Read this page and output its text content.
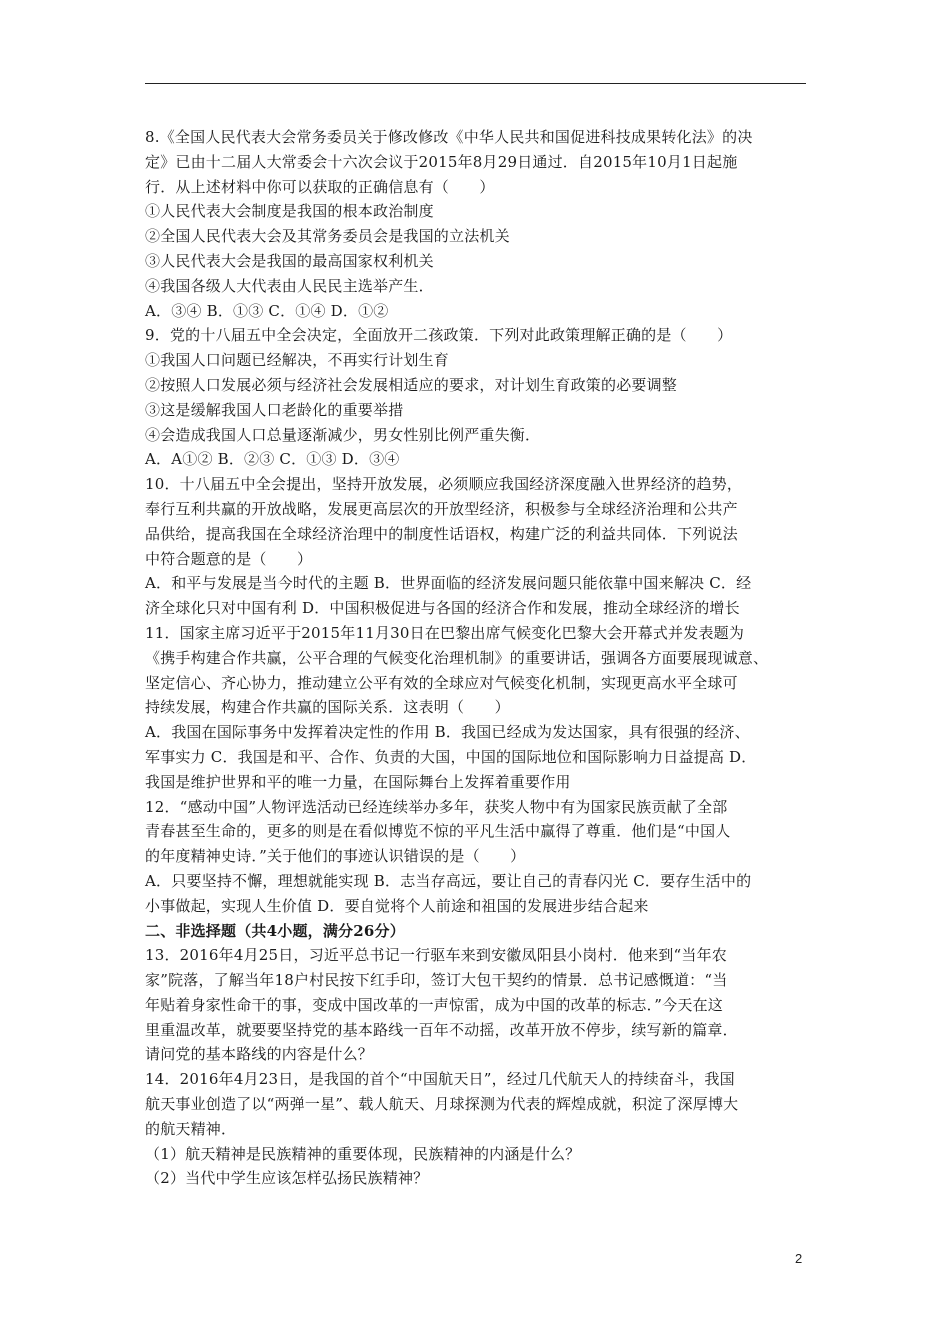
8.《全国人民代表大会常务委员关于修改修改《中华人民共和国促进科技成果转化法》的决
定》已由十二届人大常委会十六次会议于2015年8月29日通过．自2015年10月1日起施
行．从上述材料中你可以获取的正确信息有（　　）
①人民代表大会制度是我国的根本政治制度
②全国人民代表大会及其常务委员会是我国的立法机关
③人民代表大会是我国的最高国家权利机关
④我国各级人大代表由人民民主选举产生．
A．③④ B．①③ C．①④ D．①②
9．党的十八届五中全会决定，全面放开二孩政策．下列对此政策理解正确的是（　　）
①我国人口问题已经解决，不再实行计划生育
②按照人口发展必须与经济社会发展相适应的要求，对计划生育政策的必要调整
③这是缓解我国人口老龄化的重要举措
④会造成我国人口总量逐渐减少，男女性别比例严重失衡．
A．A①② B．②③ C．①③ D．③④
10．十八届五中全会提出，坚持开放发展，必须顺应我国经济深度融入世界经济的趋势，
奉行互利共赢的开放战略，发展更高层次的开放型经济，积极参与全球经济治理和公共产
品供给，提高我国在全球经济治理中的制度性话语权，构建广泛的利益共同体．下列说法
中符合题意的是（　　）
A．和平与发展是当今时代的主题 B．世界面临的经济发展问题只能依靠中国来解决 C．经
济全球化只对中国有利 D．中国积极促进与各国的经济合作和发展，推动全球经济的增长
11．国家主席习近平于2015年11月30日在巴黎出席气候变化巴黎大会开幕式并发表题为
《携手构建合作共赢，公平合理的气候变化治理机制》的重要讲话，强调各方面要展现诚意、
坚定信心、齐心协力，推动建立公平有效的全球应对气候变化机制，实现更高水平全球可
持续发展，构建合作共赢的国际关系．这表明（　　）
A．我国在国际事务中发挥着决定性的作用 B．我国已经成为发达国家，具有很强的经济、
军事实力 C．我国是和平、合作、负责的大国，中国的国际地位和国际影响力日益提高 D．
我国是维护世界和平的唯一力量，在国际舞台上发挥着重要作用
12．“感动中国”人物评选活动已经连续举办多年，获奖人物中有为国家民族贡献了全部
青春甚至生命的，更多的则是在看似博览不惊的平凡生活中赢得了尊重．他们是“中国人
的年度精神史诗．”关于他们的事迹认识错误的是（　　）
A．只要坚持不懈，理想就能实现 B．志当存高远，要让自己的青春闪光 C．要存生活中的
小事做起，实现人生价值 D．要自觉将个人前途和祖国的发展进步结合起来
二、非选择题（共4小题，满分26分）
13．2016年4月25日，习近平总书记一行驱车来到安徽凤阳县小岗村．他来到“当年农
家”院落，了解当年18户村民按下红手印，签订大包干契约的情景．总书记感慨道：“当
年贴着身家性命干的事，变成中国改革的一声惊雷，成为中国的改革的标志．”今天在这
里重温改革，就要要坚持党的基本路线一百年不动摇，改革开放不停步，续写新的篇章．
请问党的基本路线的内容是什么？
14．2016年4月23日，是我国的首个“中国航天日”，经过几代航天人的持续奋斗，我国
航天事业创造了以“两弹一星”、载人航天、月球探测为代表的辉煌成就，积淀了深厚博大
的航天精神．
（1）航天精神是民族精神的重要体现，民族精神的内涵是什么？
（2）当代中学生应该怎样弘扬民族精神？
2
